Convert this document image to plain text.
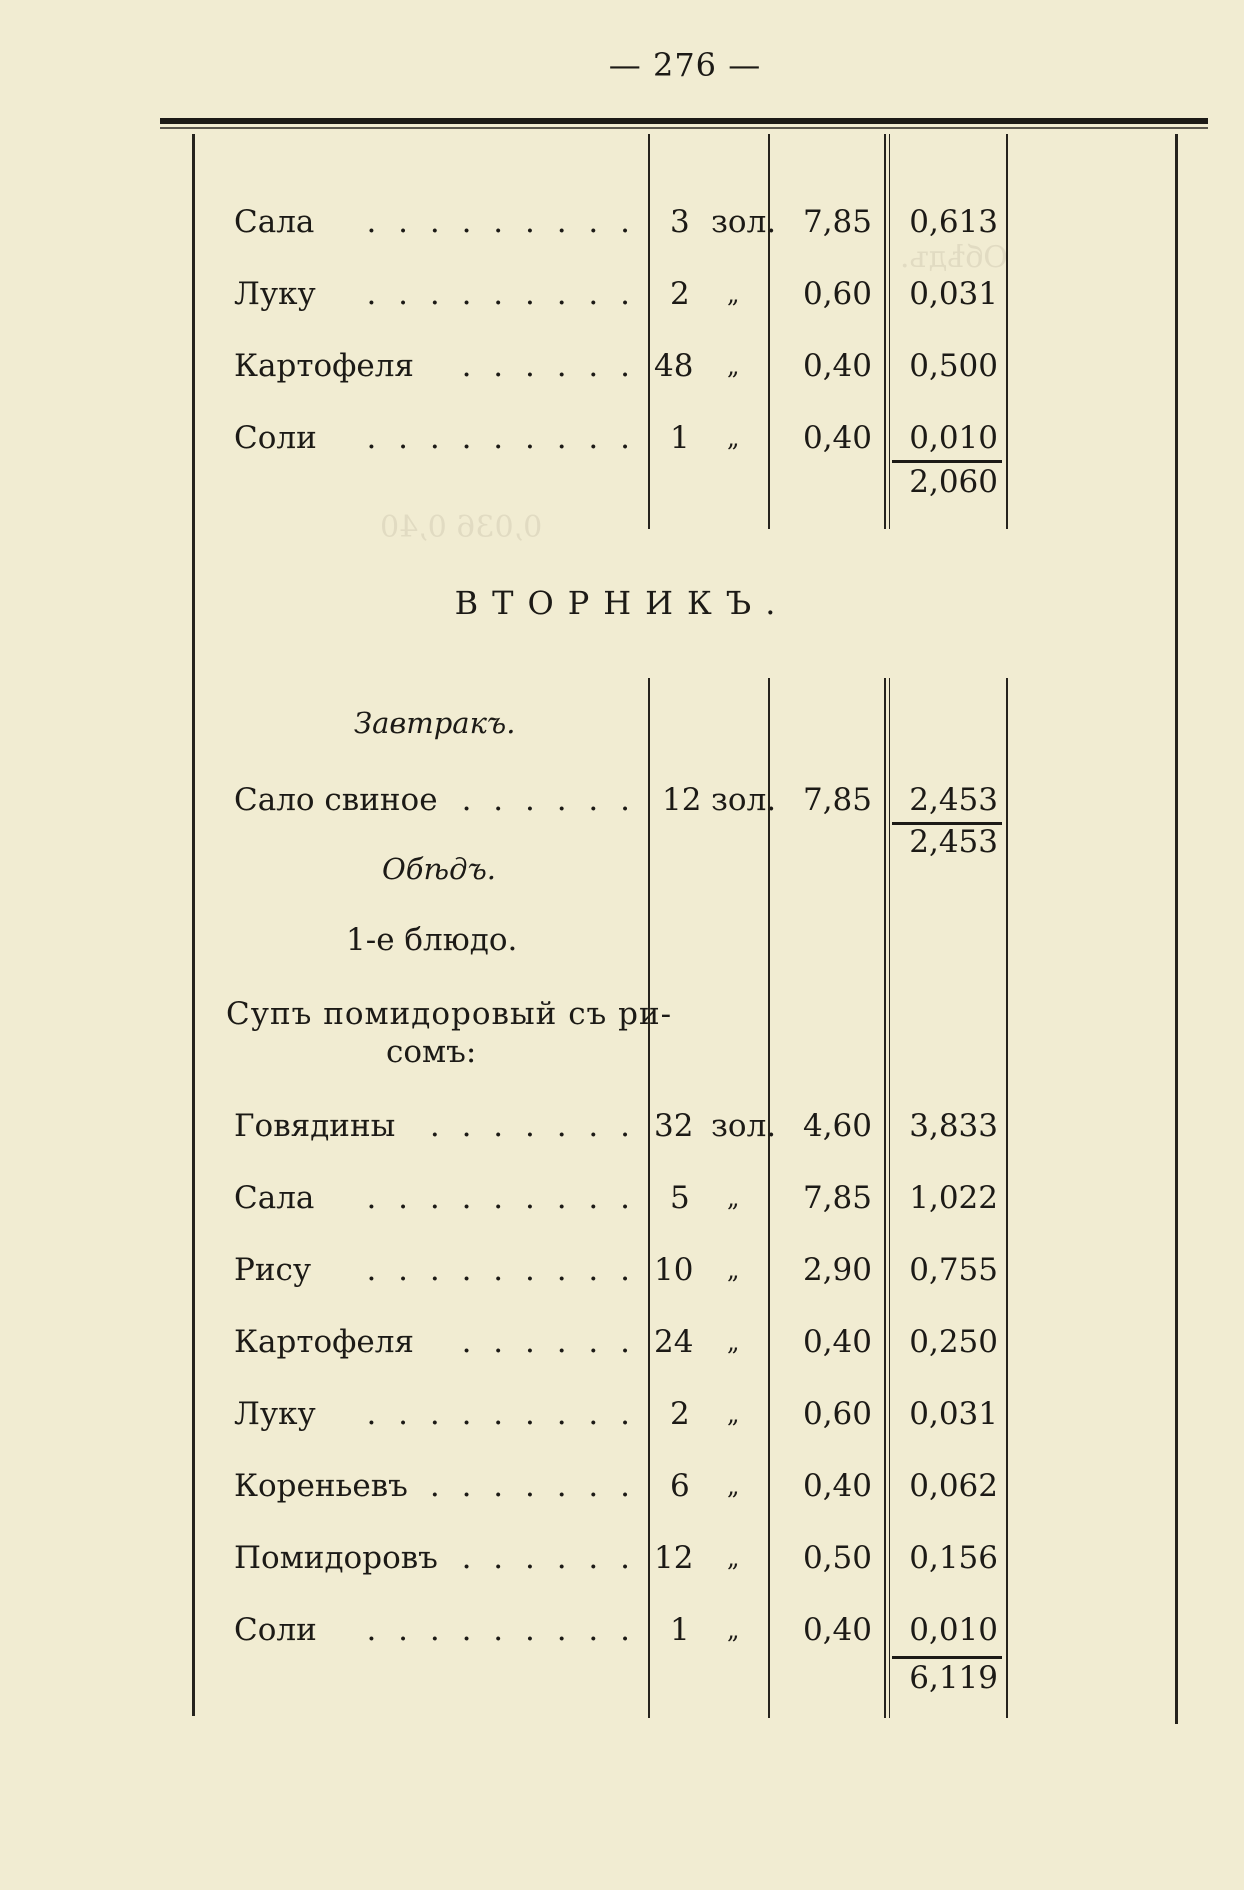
Обѣдъ.
0,036 0,40
— 276 —
Сала	. . . . . . . . . 3 зол. 7,85 0,613
Луку	. . . . . . . . . 2 „	0,60 0,031
Картофеля	. . . . . . 48 „	0,40 0,500
Соли	. . . . . . . . . 1 „	0,40 0,010
2,060
ВТОРНИКЪ.
Завтракъ.
Сало свиное . . . . . . 12 зол. 7,85 2,453
2,453
Обѣдъ.
1-е блюдо.
Супъ помидоровый съ ри-
сомъ:
Говядины	. . . . . . . 32 зол. 4,60 3,833
Сала	. . . . . . . . . 5 „	7,85 1,022
Рису	. . . . . . . . . 10 „	2,90 0,755
Картофеля	. . . . . . 24 „	0,40 0,250
Луку	. . . . . . . . . 2 „	0,60 0,031
Кореньевъ . . . . . . . 6 „	0,40 0,062
Помидоровъ . . . . . . 12 „	0,50 0,156
Соли	. . . . . . . . . 1 „	0,40 0,010
6,119
